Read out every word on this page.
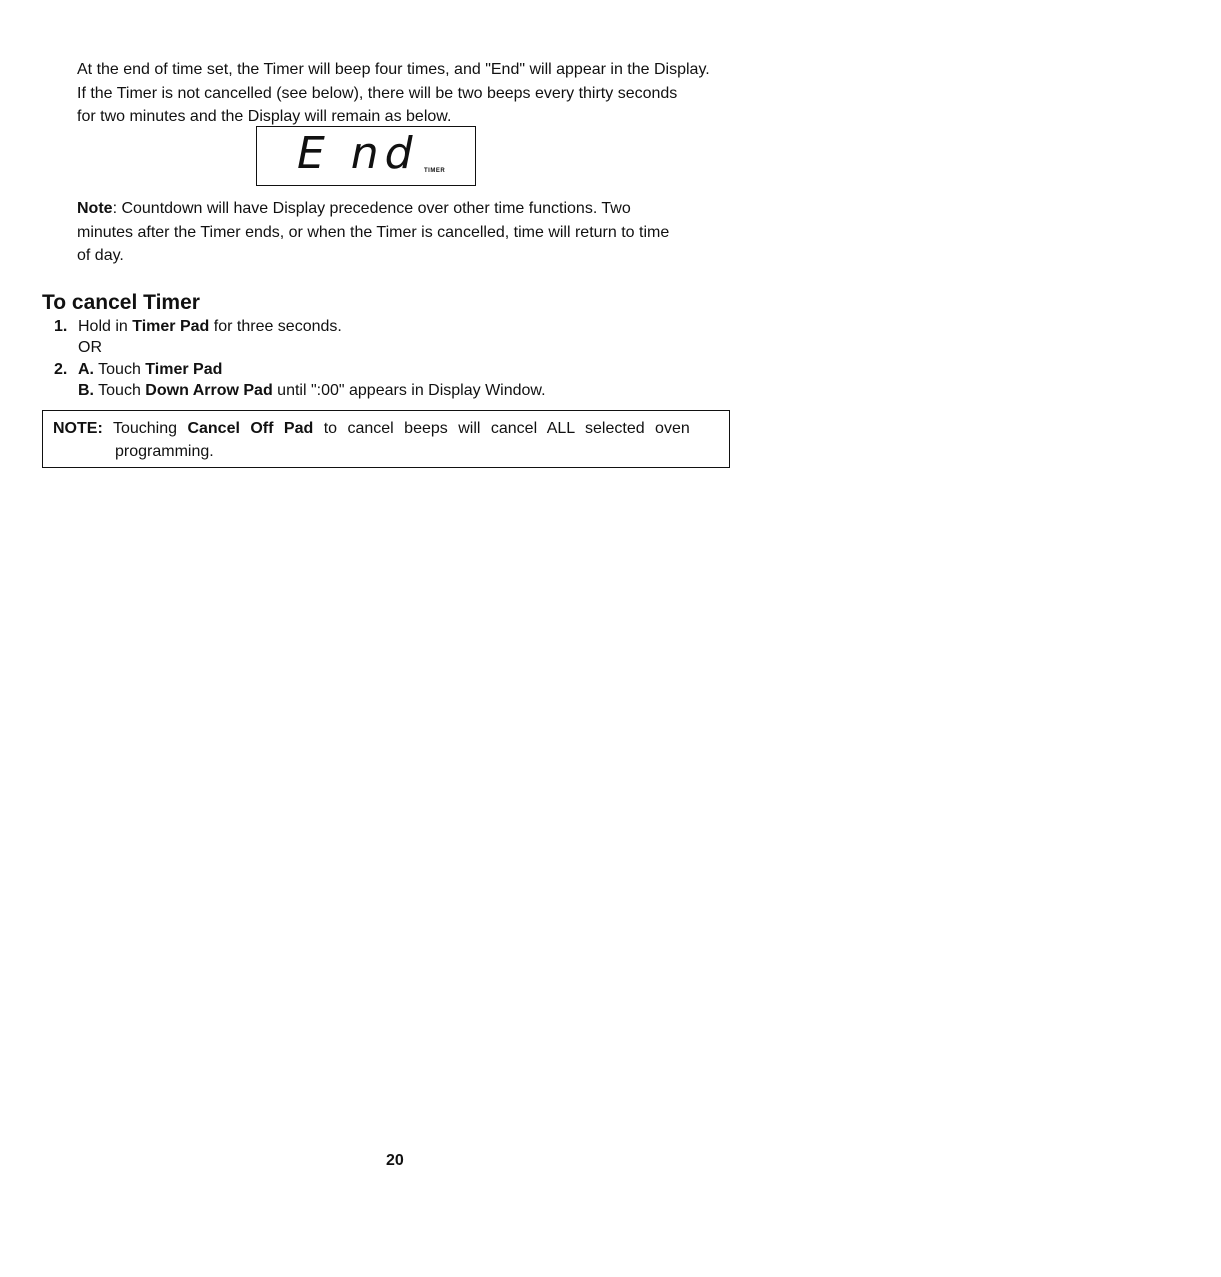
At the end of time set, the Timer will beep four times, and "End" will appear in the Display.
If the Timer is not cancelled (see below), there will be two beeps every thirty seconds
for two minutes and the Display will remain as below.
E nd TIMER
Note: Countdown will have Display precedence over other time functions. Two
minutes after the Timer ends, or when the Timer is cancelled, time will return to time
of day.
To cancel Timer
1. Hold in Timer Pad for three seconds.
OR
2. A. Touch Timer Pad
B. Touch Down Arrow Pad until ":00" appears in Display Window.
NOTE: Touching Cancel Off Pad to cancel beeps will cancel ALL selected oven
programming.
20
